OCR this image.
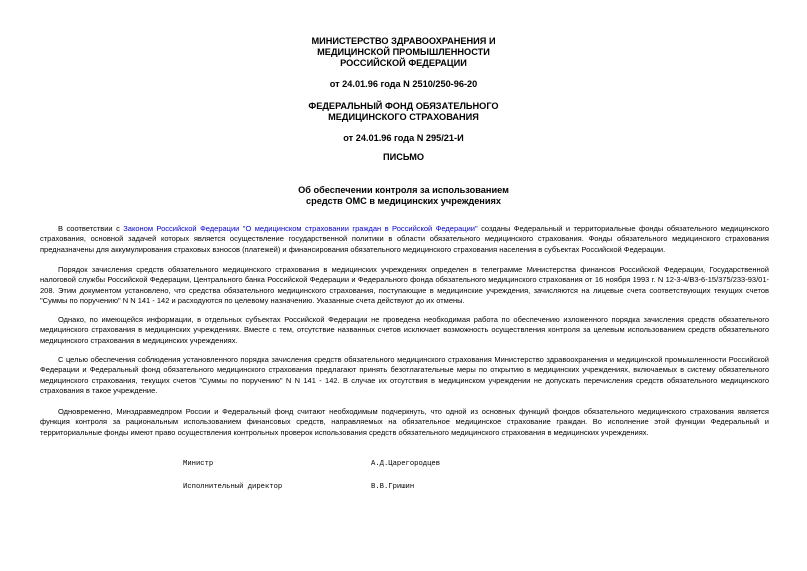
МИНИСТЕРСТВО ЗДРАВООХРАНЕНИЯ И
МЕДИЦИНСКОЙ ПРОМЫШЛЕННОСТИ
РОССИЙСКОЙ ФЕДЕРАЦИИ
от 24.01.96 года N 2510/250-96-20
ФЕДЕРАЛЬНЫЙ ФОНД ОБЯЗАТЕЛЬНОГО
МЕДИЦИНСКОГО СТРАХОВАНИЯ
от 24.01.96 года N 295/21-И
ПИСЬМО
Об обеспечении контроля за использованием
средств ОМС в медицинских учреждениях

В соответствии с Законом Российской Федерации "О медицинском страховании граждан в Российской Федерации" созданы Федеральный и территориальные фонды обязательного медицинского страхования, основной задачей которых является осуществление государственной политики в области обязательного медицинского страхования. Фонды обязательного медицинского страхования предназначены для аккумулирования страховых взносов (платежей) и финансирования обязательного медицинского страхования населения в субъектах Российской Федерации.

Порядок зачисления средств обязательного медицинского страхования в медицинских учреждениях определен в телеграмме Министерства финансов Российской Федерации, Государственной налоговой службы Российской Федерации, Центрального банка Российской Федерации и Федерального фонда обязательного медицинского страхования от 16 ноября 1993 г. N 12-3-4/В3-6-15/375/233-93/01-208. Этим документом установлено, что средства обязательного медицинского страхования, поступающие в медицинские учреждения, зачисляются на лицевые счета соответствующих текущих счетов "Суммы по поручению" N N 141 - 142 и расходуются по целевому назначению. Указанные счета действуют до их отмены.

Однако, по имеющейся информации, в отдельных субъектах Российской Федерации не проведена необходимая работа по обеспечению изложенного порядка зачисления средств обязательного медицинского страхования в медицинских учреждениях. Вместе с тем, отсутствие названных счетов исключает возможность осуществления контроля за целевым использованием средств обязательного медицинского страхования в медицинских учреждениях.

С целью обеспечения соблюдения установленного порядка зачисления средств обязательного медицинского страхования Министерство здравоохранения и медицинской промышленности Российской Федерации и Федеральный фонд обязательного медицинского страхования предлагают принять безотлагательные меры по открытию в медицинских учреждениях, включаемых в систему обязательного медицинского страхования, текущих счетов "Суммы по поручению" N N 141 - 142. В случае их отсутствия в медицинском учреждении не допускать перечисления средств обязательного медицинского страхования в такое учреждение.

Одновременно, Минздравмедпром России и Федеральный фонд считают необходимым подчеркнуть, что одной из основных функций фондов обязательного медицинского страхования является функция контроля за рациональным использованием финансовых средств, направляемых на обязательное медицинское страхование граждан. Во исполнение этой функции Федеральный и территориальные фонды имеют право осуществления контрольных проверок использования средств обязательного медицинского страхования в медицинских учреждениях.

Министр	А.Д.Царегородцев
Исполнительный директор	В.В.Гришин
